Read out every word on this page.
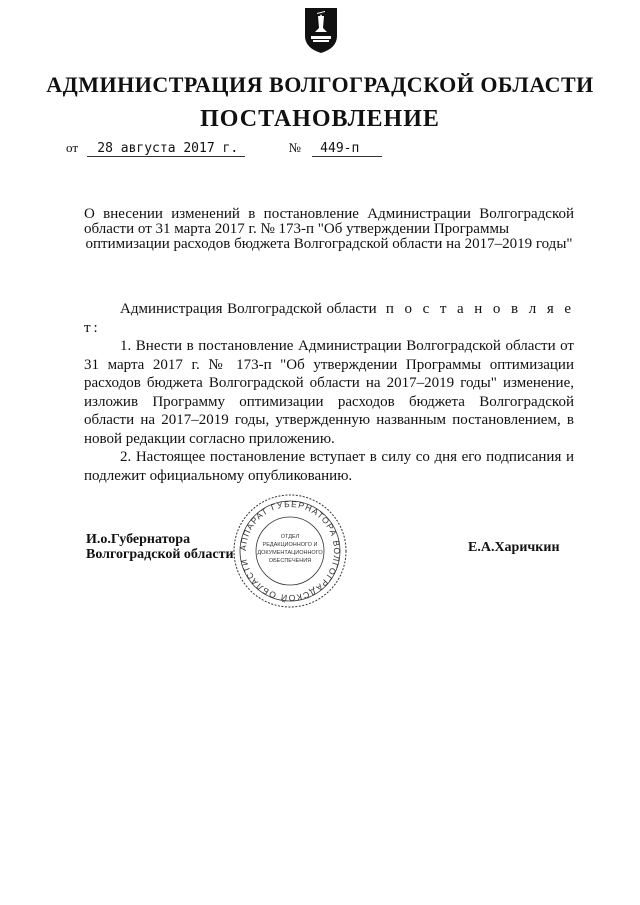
АДМИНИСТРАЦИЯ ВОЛГОГРАДСКОЙ ОБЛАСТИ
ПОСТАНОВЛЕНИЕ
от 28 августа 2017 г.	№ 449-п
О внесении изменений в постановление Администрации Волгоградской области от 31 марта 2017 г. № 173-п "Об утверждении Программы
оптимизации расходов бюджета Волгоградской области на 2017–2019 годы"

Администрация Волгоградской области п о с т а н о в л я е т:

1. Внести в постановление Администрации Волгоградской области от 31 марта 2017 г. № 173-п "Об утверждении Программы оптимизации расходов бюджета Волгоградской области на 2017–2019 годы" изменение, изложив Программу оптимизации расходов бюджета Волгоградской области на 2017–2019 годы, утвержденную названным постановлением, в новой редакции согласно приложению.

2. Настоящее постановление вступает в силу со дня его подписания и подлежит официальному опубликованию.

И.о.Губернатора
Волгоградской области	Е.А.Харичкин
АППАРАТ ГУБЕРНАТОРА ВОЛГОГРАДСКОЙ ОБЛАСТИ
ОТДЕЛ
РЕДАКЦИОННОГО И
ДОКУМЕНТАЦИОННОГО
ОБЕСПЕЧЕНИЯ
